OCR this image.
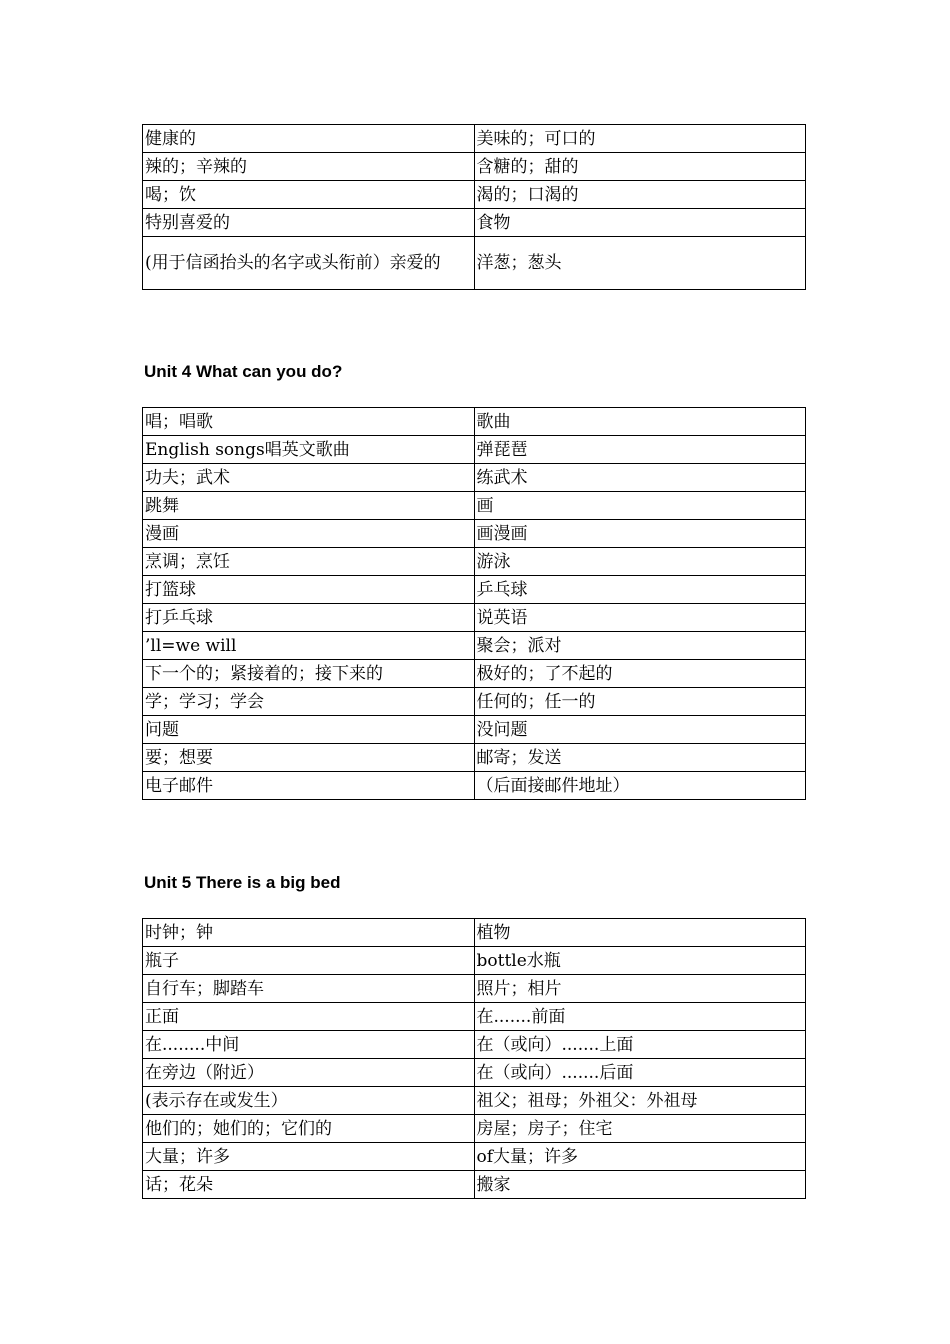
健康的	美味的；可口的
辣的；辛辣的	含糖的；甜的
喝；饮	渴的；口渴的
特别喜爱的	食物
(用于信函抬头的名字或头衔前）亲爱的	洋葱；葱头
Unit 4 What can you do?
唱；唱歌	歌曲
English songs唱英文歌曲	弹琵琶
功夫；武术	练武术
跳舞	画
漫画	画漫画
烹调；烹饪	游泳
打篮球	乒乓球
打乒乓球	说英语
’ll=we will	聚会；派对
下一个的；紧接着的；接下来的	极好的；了不起的
学；学习；学会	任何的；任一的
问题	没问题
要；想要	邮寄；发送
电子邮件	（后面接邮件地址）
Unit 5 There is a big bed
时钟；钟	植物
瓶子	bottle水瓶
自行车；脚踏车	照片；相片
正面	在.......前面
在........中间	在（或向）.......上面
在旁边（附近）	在（或向）.......后面
(表示存在或发生）	祖父；祖母；外祖父：外祖母
他们的；她们的；它们的	房屋；房子；住宅
大量；许多	of大量；许多
话；花朵	搬家
